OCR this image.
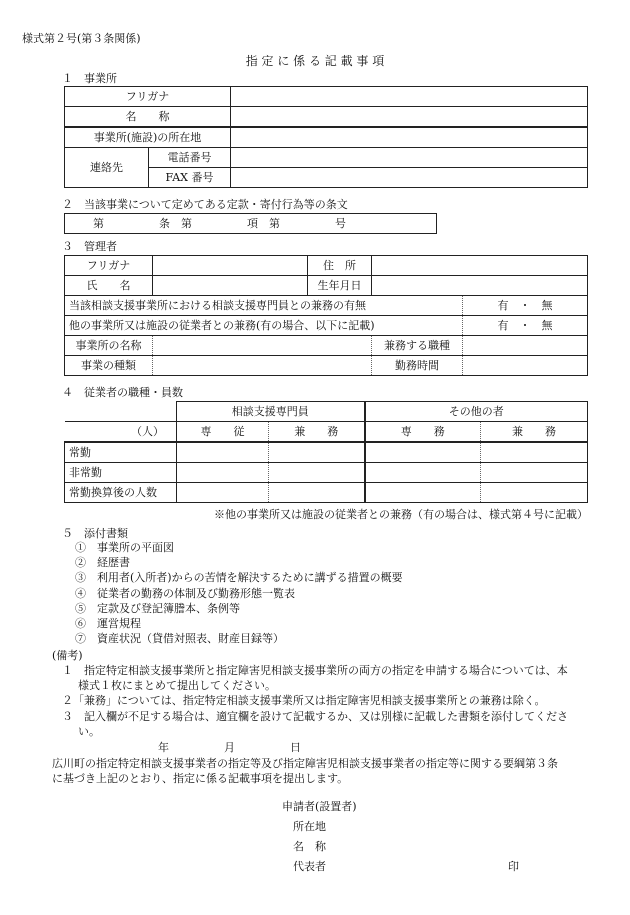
様式第２号(第３条関係)
指 定 に 係 る 記 載 事 項
１　事業所
フリガナ		
名　　称		
事業所(施設)の所在地		
連絡先	電話番号	
	FAX 番号	
２　当該事業について定めてある定款・寄付行為等の条文
第　　　　　条　第　　　　　項　第　　　　　号
３　管理者
フリガナ		住　所		
氏　　名		生年月日		
当該相談支援事業所における相談支援専門員との兼務の有無				有　・　無
他の事業所又は施設の従業者との兼務(有の場合、以下に記載)				有　・　無
事業所の名称			兼務する職種	
事業の種類			勤務時間	
４　従業者の職種・員数
	相談支援専門員		その他の者	
（人）	専　　従	兼　　務	専　　務	兼　　務
常勤				
非常勤				
常勤換算後の人数				
※他の事業所又は施設の従業者との兼務（有の場合は、様式第４号に記載）
５　添付書類
①　事業所の平面図
②　経歴書
③　利用者(入所者)からの苦情を解決するために講ずる措置の概要
④　従業者の勤務の体制及び勤務形態一覧表
⑤　定款及び登記簿謄本、条例等
⑥　運営規程
⑦　資産状況（貸借対照表、財産目録等）
(備考)
１　指定特定相談支援事業所と指定障害児相談支援事業所の両方の指定を申請する場合については、本
様式１枚にまとめて提出してください。
２「兼務」については、指定特定相談支援事業所又は指定障害児相談支援事業所との兼務は除く。
３　記入欄が不足する場合は、適宜欄を設けて記載するか、又は別様に記載した書類を添付してくださ
い。
年　　　　　月　　　　　日
広川町の指定特定相談支援事業者の指定等及び指定障害児相談支援事業者の指定等に関する要綱第３条
に基づき上記のとおり、指定に係る記載事項を提出します。
申請者(設置者)
所在地
名　称
代表者	印
